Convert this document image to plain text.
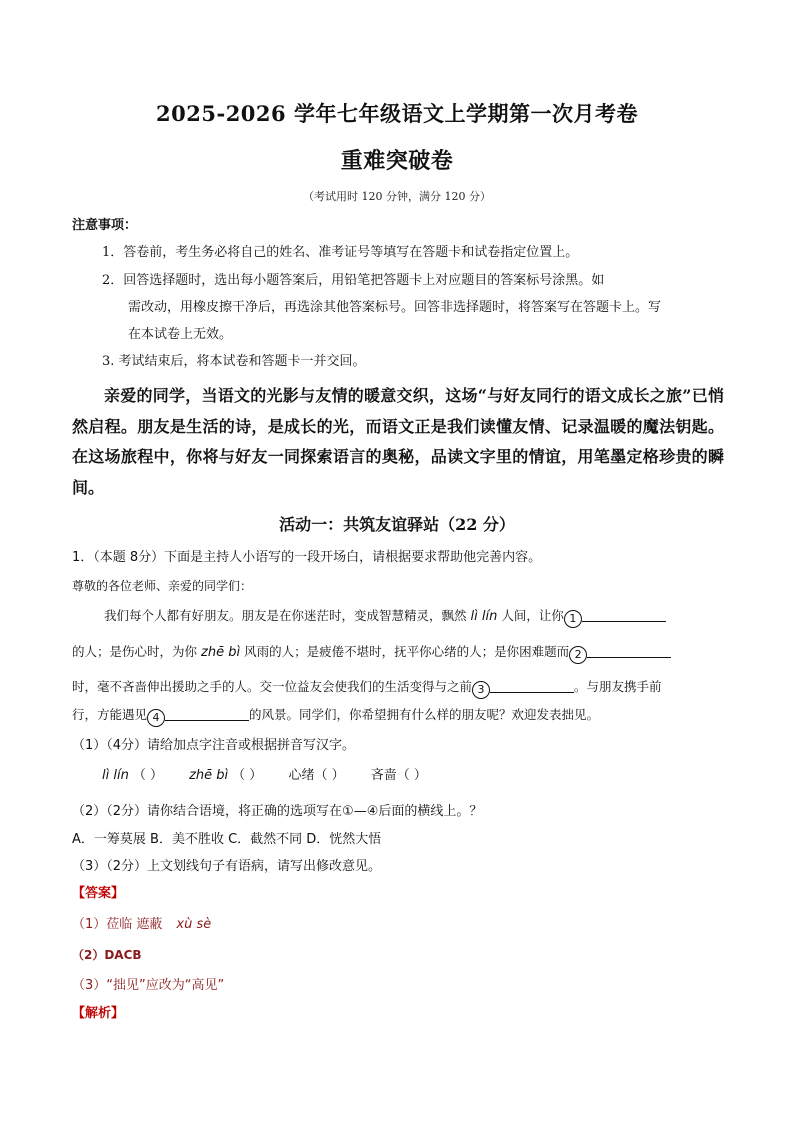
2025-2026 学年七年级语文上学期第一次月考卷
重难突破卷
（考试用时 120 分钟，满分 120 分）
注意事项：
1．答卷前，考生务必将自己的姓名、准考证号等填写在答题卡和试卷指定位置上。
2．回答选择题时，选出每小题答案后，用铅笔把答题卡上对应题目的答案标号涂黑。如
需改动，用橡皮擦干净后，再选涂其他答案标号。回答非选择题时，将答案写在答题卡上。写
在本试卷上无效。
3. 考试结束后，将本试卷和答题卡一并交回。
亲爱的同学，当语文的光影与友情的暖意交织，这场“与好友同行的语文成长之旅”已悄然启程。朋友是生活的诗，是成长的光，而语文正是我们读懂友情、记录温暖的魔法钥匙。在这场旅程中，你将与好友一同探索语言的奥秘，品读文字里的情谊，用笔墨定格珍贵的瞬间。
活动一：共筑友谊驿站（22 分）
1．（本题 8分）下面是主持人小语写的一段开场白，请根据要求帮助他完善内容。
尊敬的各位老师、亲爱的同学们：
我们每个人都有好朋友。朋友是在你迷茫时，变成智慧精灵，飘然 lì lín 人间，让你 1
的人；是伤心时，为你 zhē bì 风雨的人；是疲倦不堪时，抚平你心绪的人；是你困难题而 2
时，毫不吝啬伸出援助之手的人。交一位益友会使我们的生活变得与之前 3	。与朋友携手前
行，方能遇见 4	的风景。同学们，你希望拥有什么样的朋友呢？欢迎发表拙见。
（1）（4分）请给加点字注音或根据拼音写汉字。
lì lín （ ） zhē bì （ ） 心绪（ ） 吝啬（ ）
（2）（2分）请你结合语境，将正确的选项写在①—④后面的横线上。？
A．一筹莫展 B．美不胜收 C．截然不同 D．恍然大悟
（3）（2分）上文划线句子有语病，请写出修改意见。
【答案】
（1）莅临 遮蔽 xù sè
（2）DACB
（3）“拙见”应改为“高见”
【解析】
